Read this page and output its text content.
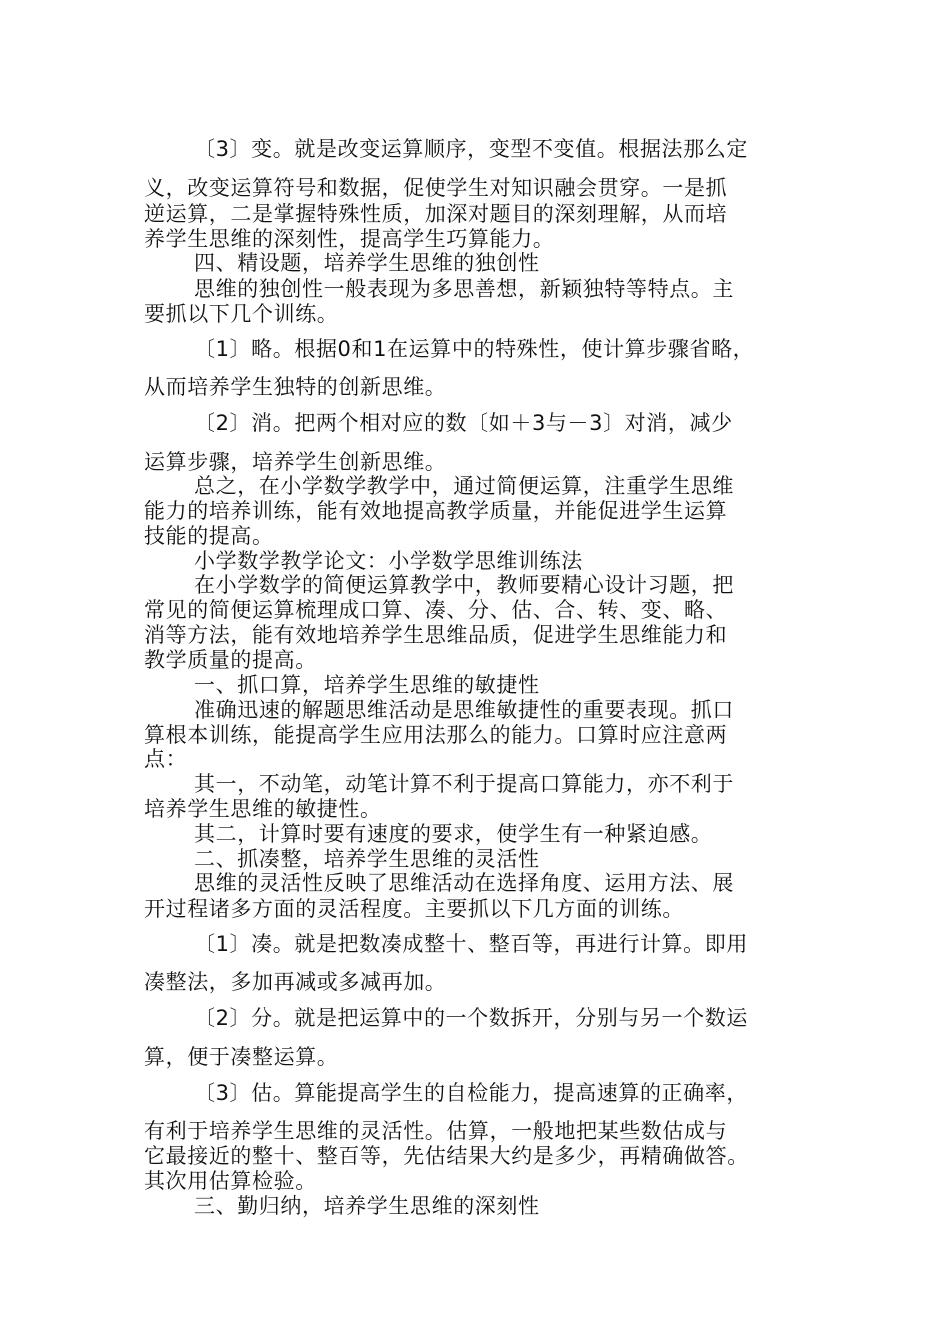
〔3〕变。就是改变运算顺序，变型不变值。根据法那么定
义，改变运算符号和数据，促使学生对知识融会贯穿。一是抓
逆运算，二是掌握特殊性质，加深对题目的深刻理解，从而培
养学生思维的深刻性，提高学生巧算能力。
四、精设题，培养学生思维的独创性
思维的独创性一般表现为多思善想，新颖独特等特点。主
要抓以下几个训练。
〔1〕略。根据0和1在运算中的特殊性，使计算步骤省略，
从而培养学生独特的创新思维。
〔2〕消。把两个相对应的数〔如＋3与－3〕对消，减少
运算步骤，培养学生创新思维。
总之，在小学数学教学中，通过简便运算，注重学生思维
能力的培养训练，能有效地提高教学质量，并能促进学生运算
技能的提高。
小学数学教学论文：小学数学思维训练法
在小学数学的简便运算教学中，教师要精心设计习题，把
常见的简便运算梳理成口算、凑、分、估、合、转、变、略、
消等方法，能有效地培养学生思维品质，促进学生思维能力和
教学质量的提高。
一、抓口算，培养学生思维的敏捷性
准确迅速的解题思维活动是思维敏捷性的重要表现。抓口
算根本训练，能提高学生应用法那么的能力。口算时应注意两
点：
其一，不动笔，动笔计算不利于提高口算能力，亦不利于
培养学生思维的敏捷性。
其二，计算时要有速度的要求，使学生有一种紧迫感。
二、抓凑整，培养学生思维的灵活性
思维的灵活性反映了思维活动在选择角度、运用方法、展
开过程诸多方面的灵活程度。主要抓以下几方面的训练。
〔1〕凑。就是把数凑成整十、整百等，再进行计算。即用
凑整法，多加再减或多减再加。
〔2〕分。就是把运算中的一个数拆开，分别与另一个数运
算，便于凑整运算。
〔3〕估。算能提高学生的自检能力，提高速算的正确率，
有利于培养学生思维的灵活性。估算，一般地把某些数估成与
它最接近的整十、整百等，先估结果大约是多少，再精确做答。
其次用估算检验。
三、勤归纳，培养学生思维的深刻性
